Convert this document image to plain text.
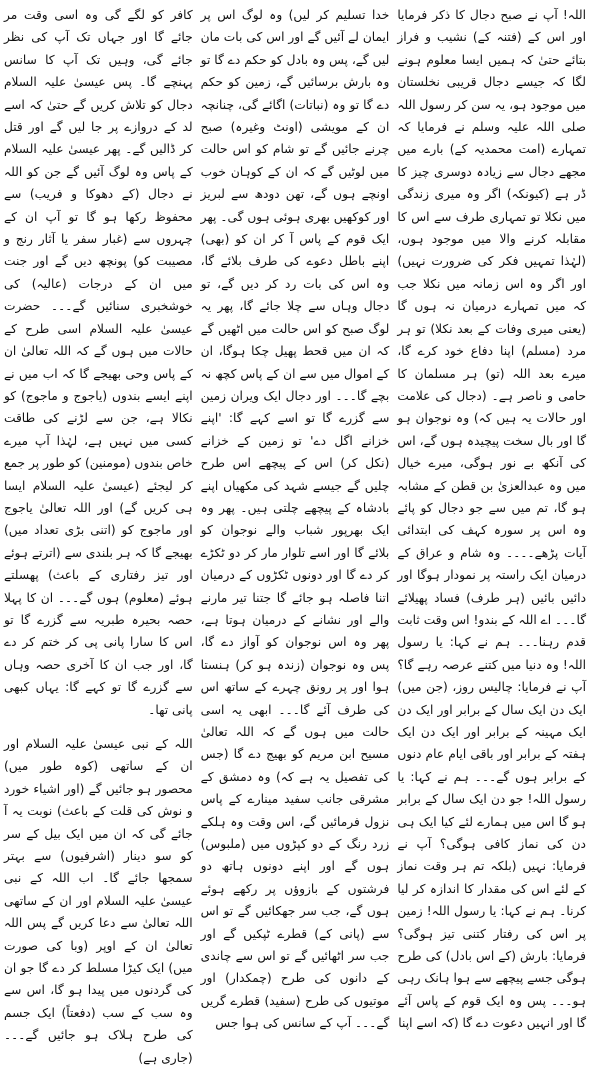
اللہ! آپ نے صبح دجال کا ذکر فرمایا اور اس کے (فتنہ کے) نشیب و فراز بتائے حتیٰ کہ ہمیں ایسا معلوم ہونے لگا کہ جیسے دجال قریبی نخلستان میں موجود ہو، یہ سن کر رسول اللہ صلی اللہ علیہ وسلم نے فرمایا کہ تمہارے (امت محمدیہ کے) بارے میں مجھے دجال سے زیادہ دوسری چیز کا ڈر ہے (کیونکہ) اگر وہ میری زندگی میں نکلا تو تمہاری طرف سے اس کا مقابلہ کرنے والا میں موجود ہوں، (لہٰذا تمہیں فکر کی ضرورت نہیں) اور اگر وہ اس زمانہ میں نکلا جب کہ میں تمہارے درمیان نہ ہوں گا (یعنی میری وفات کے بعد نکلا) تو ہر مرد (مسلم) اپنا دفاع خود کرے گا، میرے بعد اللہ (تو) ہر مسلمان کا حامی و ناصر ہے۔ (دجال کی علامت اور حالات یہ ہیں کہ) وہ نوجوان ہو گا اور بال سخت پیچیدہ ہوں گے، اس کی آنکھ بے نور ہوگی، میرے خیال میں وہ عبدالعزیٰ بن قطن کے مشابہ ہو گا، تم میں سے جو دجال کو پائے وہ اس پر سورہ کہف کی ابتدائی آیات پڑھے۔۔۔۔ وہ شام و عراق کے درمیان ایک راستہ پر نمودار ہوگا اور دائیں بائیں (ہر طرف) فساد پھیلائے گا۔۔۔ اے اللہ کے بندو! اس وقت ثابت قدم رہنا۔۔۔ ہم نے کہا: یا رسول اللہ! وہ دنیا میں کتنے عرصہ رہے گا؟ آپ نے فرمایا: چالیس روز، (جن میں) ایک دن ایک سال کے برابر اور ایک دن ایک مہینہ کے برابر اور ایک دن ایک ہفتہ کے برابر اور باقی ایام عام دنوں کے برابر ہوں گے۔۔۔ ہم نے کہا: یا رسول اللہ! جو دن ایک سال کے برابر ہو گا اس میں ہمارے لئے کیا ایک ہی دن کی نماز کافی ہوگی؟ آپ نے فرمایا: نہیں (بلکہ تم ہر وقت نماز کے لئے اس کی مقدار کا اندازہ کر لیا کرنا۔ ہم نے کہا: یا رسول اللہ! زمین پر اس کی رفتار کتنی تیز ہوگی؟ فرمایا: بارش (کے اس بادل) کی طرح ہوگی جسے پیچھے سے ہوا ہانک رہی ہو۔۔۔ پس وہ ایک قوم کے پاس آئے گا اور انہیں دعوت دے گا (کہ اسے اپنا

خدا تسلیم کر لیں) وہ لوگ اس پر ایمان لے آئیں گے اور اس کی بات مان لیں گے، پس وہ بادل کو حکم دے گا تو وہ بارش برسائیں گے، زمین کو حکم دے گا تو وہ (نباتات) اگائے گی، چنانچہ ان کے مویشی (اونٹ وغیرہ) صبح چرنے جائیں گے تو شام کو اس حالت میں لوٹیں گے کہ ان کے کوہان خوب اونچے ہوں گے، تھن دودھ سے لبریز اور کوکھیں بھری ہوئی ہوں گی۔ پھر ایک قوم کے پاس آ کر ان کو (بھی) اپنے باطل دعوے کی طرف بلائے گا، وہ اس کی بات رد کر دیں گے، تو دجال وہاں سے چلا جائے گا، پھر یہ لوگ صبح کو اس حالت میں اٹھیں گے کہ ان میں قحط پھیل چکا ہوگا، ان کے اموال میں سے ان کے پاس کچھ نہ بچے گا۔۔۔ اور دجال ایک ویران زمین سے گزرے گا تو اسے کہے گا: 'اپنے خزانے اگل دے' تو زمین کے خزانے (نکل کر) اس کے پیچھے اس طرح چلیں گے جیسے شہد کی مکھیاں اپنے بادشاہ کے پیچھے چلتی ہیں۔ پھر وہ ایک بھرپور شباب والے نوجوان کو بلائے گا اور اسے تلوار مار کر دو ٹکڑے کر دے گا اور دونوں ٹکڑوں کے درمیان اتنا فاصلہ ہو جائے گا جتنا تیر مارنے والے اور نشانے کے درمیان ہوتا ہے، پھر وہ اس نوجوان کو آواز دے گا، پس وہ نوجوان (زندہ ہو کر) ہنستا ہوا اور پر رونق چہرے کے ساتھ اس کی طرف آئے گا۔۔۔ ابھی یہ اسی حالت میں ہوں گے کہ اللہ تعالیٰ مسیح ابن مریم کو بھیج دے گا (جس کی تفصیل یہ ہے کہ) وہ دمشق کے مشرقی جانب سفید مینارے کے پاس نزول فرمائیں گے، اس وقت وہ ہلکے زرد رنگ کے دو کپڑوں میں (ملبوس) ہوں گے اور اپنے دونوں ہاتھ دو فرشتوں کے بازوؤں پر رکھے ہوئے ہوں گے، جب سر جھکائیں گے تو اس سے (پانی کے) قطرے ٹپکیں گے اور جب سر اٹھائیں گے تو اس سے چاندی کے دانوں کی طرح (چمکدار) اور موتیوں کی طرح (سفید) قطرے گریں گے۔۔۔ آپ کے سانس کی ہوا جس

کافر کو لگے گی وہ اسی وقت مر جائے گا اور جہاں تک آپ کی نظر جائے گی، وہیں تک آپ کا سانس پہنچے گا۔ پس عیسیٰ علیہ السلام دجال کو تلاش کریں گے حتیٰ کہ اسے لد کے دروازے پر جا لیں گے اور قتل کر ڈالیں گے۔ پھر عیسیٰ علیہ السلام کے پاس وہ لوگ آئیں گے جن کو اللہ نے دجال (کے دھوکا و فریب) سے محفوظ رکھا ہو گا تو آپ ان کے چہروں سے (غبار سفر یا آثار رنج و مصیبت کو) پونچھ دیں گے اور جنت میں ان کے درجات (عالیہ) کی خوشخبری سنائیں گے۔۔۔ حضرت عیسیٰ علیہ السلام اسی طرح کے حالات میں ہوں گے کہ اللہ تعالیٰ ان کے پاس وحی بھیجے گا کہ اب میں نے اپنے ایسے بندوں (یاجوج و ماجوج) کو نکالا ہے، جن سے لڑنے کی طاقت کسی میں نہیں ہے، لہٰذا آپ میرے خاص بندوں (مومنین) کو طور پر جمع کر لیجئے (عیسیٰ علیہ السلام ایسا ہی کریں گے) اور اللہ تعالیٰ یاجوج اور ماجوج کو (اتنی بڑی تعداد میں) بھیجے گا کہ ہر بلندی سے (اترتے ہوئے اور تیز رفتاری کے باعث) پھسلتے ہوئے (معلوم) ہوں گے۔۔۔ ان کا پہلا حصہ بحیرہ طبریہ سے گزرے گا تو اس کا سارا پانی پی کر ختم کر دے گا، اور جب ان کا آخری حصہ وہاں سے گزرے گا تو کہے گا: یہاں کبھی پانی تھا۔

اللہ کے نبی عیسیٰ علیہ السلام اور ان کے ساتھی (کوہ طور میں) محصور ہو جائیں گے (اور اشیاء خورد و نوش کی قلت کے باعث) نوبت یہ آ جائے گی کہ ان میں ایک بیل کے سر کو سو دینار (اشرفیوں) سے بہتر سمجھا جائے گا۔ اب اللہ کے نبی عیسیٰ علیہ السلام اور ان کے ساتھی اللہ تعالیٰ سے دعا کریں گے پس اللہ تعالیٰ ان کے اوپر (وبا کی صورت میں) ایک کیڑا مسلط کر دے گا جو ان کی گردنوں میں پیدا ہو گا، اس سے وہ سب کے سب (دفعتاً) ایک جسم کی طرح ہلاک ہو جائیں گے۔۔۔ (جاری ہے)
